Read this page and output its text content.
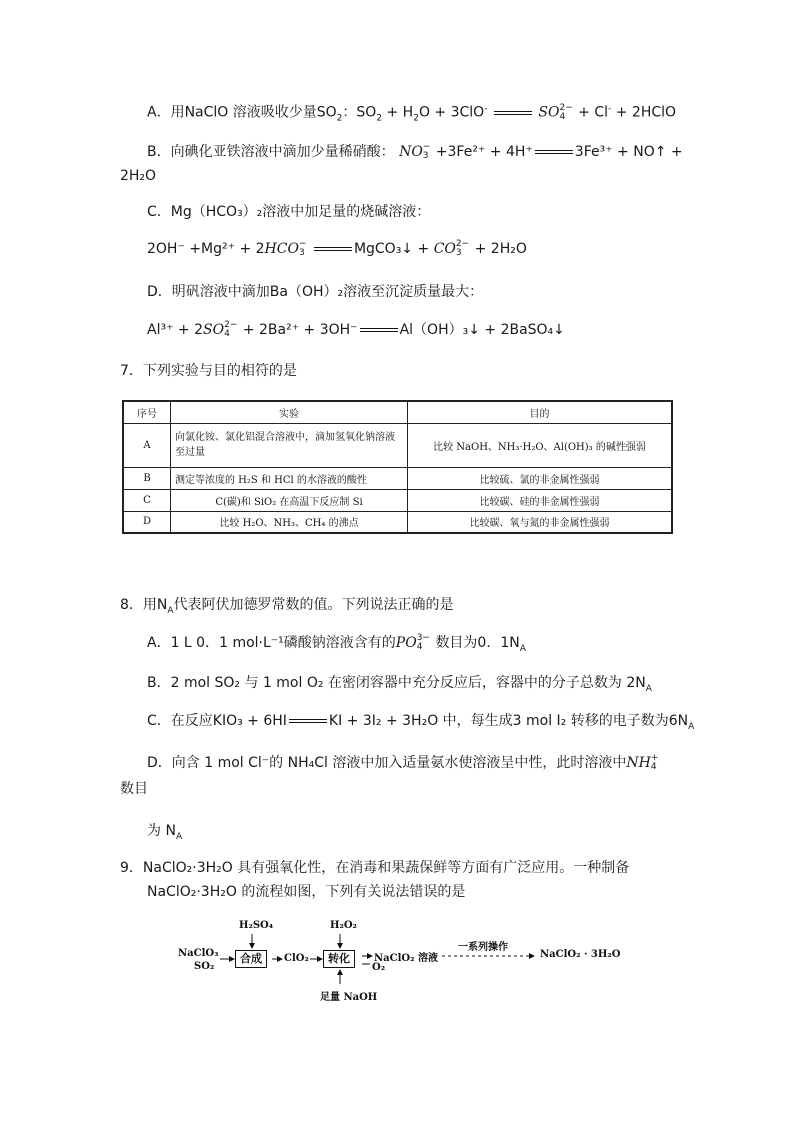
A．用NaClO 溶液吸收少量$SO_2$：$SO_2 + H_2O + 3ClO^-$	SO 2−
4 + Cl- + 2HClO
B．向碘化亚铁溶液中滴加少量稀硝酸： NO −
3 +3Fe²⁺ + 4H⁺	3Fe³⁺ + NO↑ +
2H₂O
C．Mg（HCO₃）₂溶液中加足量的烧碱溶液：
2OH⁻ +Mg²⁺ + 2HCO −
3	MgCO₃↓ + CO 2−
3 + 2H₂O
D．明矾溶液中滴加Ba（OH）₂溶液至沉淀质量最大：
Al³⁺ + 2SO 2−
4 + 2Ba²⁺ + 3OH⁻	Al（OH）₃↓ + 2BaSO₄↓
7．下列实验与目的相符的是
序号	实验	目的
A	向氯化铵、氯化铝混合溶液中，滴加氢氧化钠溶液至过量	比较 NaOH、NH₃·H₂O、Al(OH)₃ 的碱性强弱
B	测定等浓度的 H₂S 和 HCl 的水溶液的酸性	比较硫、氯的非金属性强弱
C	C(碳)和 SiO₂ 在高温下反应制 Si	比较碳、硅的非金属性强弱
D	比较 H₂O、NH₃、CH₄ 的沸点	比较碳、氧与氮的非金属性强弱
8．用$N_A$代表阿伏加德罗常数的值。下列说法正确的是
A．1 L 0．1 mol·L⁻¹磷酸钠溶液含有的PO 3−
4 数目为0．$1N_A$
B．2 mol SO₂ 与 1 mol O₂ 在密闭容器中充分反应后，容器中的分子总数为 $2N_A$
C．在反应KIO₃ + 6HI	KI + 3I₂ + 3H₂O 中，每生成3 mol I₂ 转移的电子数为$6N_A$
D．向含 1 mol Cl⁻的 NH₄Cl 溶液中加入适量氨水使溶液呈中性，此时溶液中NH +
4
数目
为 $N_A$
9．NaClO₂·3H₂O 具有强氧化性，在消毒和果蔬保鲜等方面有广泛应用。一种制备
NaClO₂·3H₂O 的流程如图，下列有关说法错误的是
NaClO₃
SO₂
H₂SO₄
合成	ClO₂
H₂O₂
转化	NaClO₂ 溶液
O₂
足量 NaOH
一系列操作
NaClO₂ · 3H₂O
